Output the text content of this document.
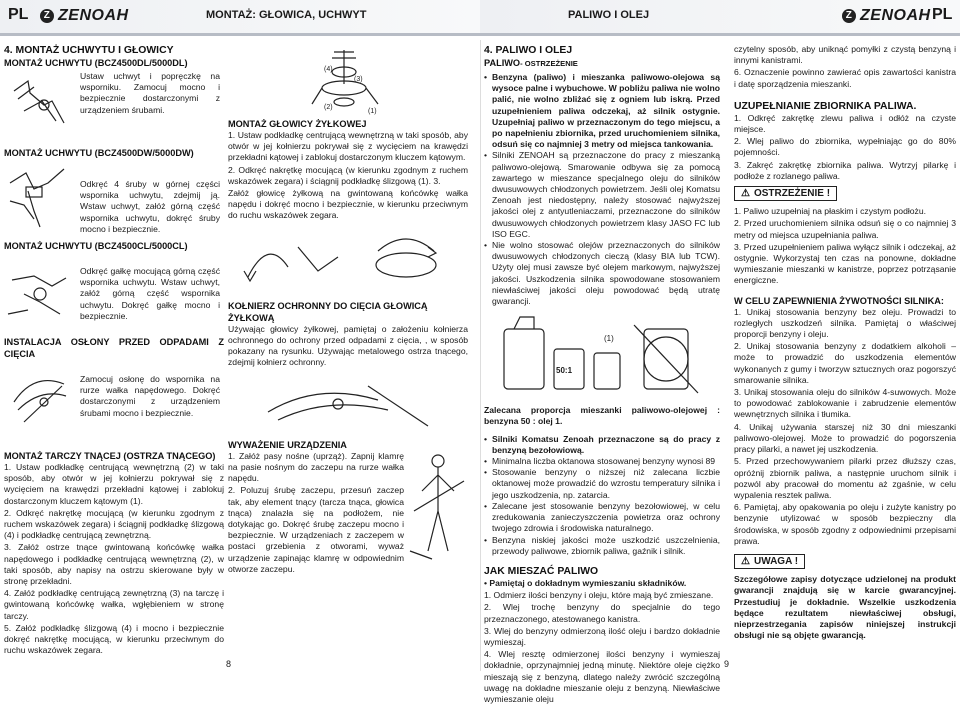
PL	Z ZENOAH	MONTAŻ: GŁOWICA, UCHWYT	PALIWO I OLEJ	Z ZENOAH PL
4. MONTAŻ UCHWYTU I GŁOWICY
MONTAŻ UCHWYTU (BCZ4500DL/5000DL)

Ustaw uchwyt i popręczkę na wsporniku. Zamocuj mocno i bezpiecznie dostarczonymi z urządzeniem śrubami.

MONTAŻ UCHWYTU (BCZ4500DW/5000DW)

Odkręć 4 śruby w górnej części wspornika uchwytu, zdejmij ją. Wstaw uchwyt, załóż górną część wspornika uchwytu, dokręć śruby mocno i bezpiecznie.

MONTAŻ UCHWYTU (BCZ4500CL/5000CL)

Odkręć gałkę mocującą górną część wspornika uchwytu. Wstaw uchwyt, załóż górną część wspornika uchwytu. Dokręć gałkę mocno i bezpiecznie.

INSTALACJA OSŁONY PRZED ODPADAMI Z CIĘCIA

Zamocuj osłonę do wspornika na rurze wałka napędowego. Dokręć dostarczonymi z urządzeniem śrubami mocno i bezpiecznie.

MONTAŻ TARCZY TNĄCEJ (OSTRZA TNĄCEGO)

1. Ustaw podkładkę centrującą wewnętrzną (2) w taki sposób, aby otwór w jej kołnierzu pokrywał się z wycięciem na krawędzi przekładni kątowej i zablokuj dostarczonym kluczem kątowym (1).

2. Odkręć nakrętkę mocującą (w kierunku zgodnym z ruchem wskazówek zegara) i ściągnij podkładkę ślizgową (4) i podkładkę centrującą zewnętrzną.

3. Załóż ostrze tnące gwintowaną końcówkę wałka napędowego i podkładkę centrującą wewnętrzną (2), w taki sposób, aby napisy na ostrzu skierowane były w stronę przekładni.

4. Załóż podkładkę centrującą zewnętrzną (3) na tarczę i gwintowaną końcówkę wałka, wgłębieniem w stronę tarczy.

5. Załóż podkładkę ślizgową (4) i mocno i bezpiecznie dokręć nakrętkę mocującą, w kierunku przeciwnym do ruchu wskazówek zegara.

8
(4)
(3)
(2)
(1)
MONTAŻ GŁOWICY ŻYŁKOWEJ

1. Ustaw podkładkę centrującą wewnętrzną w taki sposób, aby otwór w jej kołnierzu pokrywał się z wycięciem na krawędzi przekładni kątowej i zablokuj dostarczonym kluczem kątowym.

2. Odkręć nakrętkę mocującą (w kierunku zgodnym z ruchem wskazówek zegara) i ściągnij podkładkę ślizgową (1). 3.

Załóż głowicę żyłkową na gwintowaną końcówkę wałka napędu i dokręć mocno i bezpiecznie, w kierunku przeciwnym do ruchu wskazówek zegara.

KOŁNIERZ OCHRONNY DO CIĘCIA GŁOWICĄ ŻYŁKOWĄ

Używając głowicy żyłkowej, pamiętaj o założeniu kołnierza ochronnego do ochrony przed odpadami z cięcia, , w sposób pokazany na rysunku. Używając metalowego ostrza tnącego, zdejmij kołnierz ochronny.

WYWAŻENIE URZĄDZENIA

1. Załóż pasy nośne (uprząż). Zapnij klamrę na pasie nośnym do zaczepu na rurze wałka napędu.

2. Poluzuj śrubę zaczepu, przesuń zaczep tak, aby element tnący (tarcza tnąca, głowica tnąca) znalazła się na podłożem, nie dotykając go. Dokręć śrubę zaczepu mocno i bezpiecznie. W urządzeniach z zaczepem w postaci grzebienia z otworami, wyważ urządzenie zapinając klamrę w odpowiednim otworze zaczepu.

4. PALIWO I OLEJ
PALIWO- OSTRZEŻENIE
• Benzyna (paliwo) i mieszanka paliwowo-olejowa są wysoce palne i wybuchowe. W pobliżu paliwa nie wolno palić, nie wolno zbliżać się z ogniem lub iskrą. Przed uzupełnieniem paliwa odczekaj, aż silnik ostygnie. Uzupełniaj paliwo w przeznaczonym do tego miejscu, a po napełnieniu zbiornika, przed uruchomieniem silnika, odsuń się co najmniej 3 metry od miejsca tankowania.
• Silniki ZENOAH są przeznaczone do pracy z mieszanką paliwowo-olejową. Smarowanie odbywa się za pomocą zawartego w mieszance specjalnego oleju do silników dwusuwowych chłodzonych powietrzem. Jeśli olej Komatsu Zenoah jest niedostępny, należy stosować najwyższej jakości olej z antyutleniaczami, przeznaczone do silników dwusuwowych chłodzonych powietrzem klasy JASO FC lub ISO EGC.
• Nie wolno stosować olejów przeznaczonych do silników dwusuwowych chłodzonych cieczą (klasy BIA lub TCW). Użyty olej musi zawsze być olejem markowym, najwyższej jakości. Uszkodzenia silnika spowodowane stosowaniem niewłaściwej jakości oleju powodować będą utratę gwarancji.
(1)
50:1

Zalecana proporcja mieszanki paliwowo-olejowej : benzyna 50 : olej 1.

• Silniki Komatsu Zenoah przeznaczone są do pracy z benzyną bezołowiową.
• Minimalna liczba oktanowa stosowanej benzyny wynosi 89
• Stosowanie benzyny o niższej niż zalecana liczbie oktanowej może prowadzić do wzrostu temperatury silnika i jego uszkodzenia, np. zatarcia.
• Zalecane jest stosowanie benzyny bezołowiowej, w celu zredukowania zanieczyszczenia powietrza oraz ochrony twojego zdrowia i środowiska naturalnego.
• Benzyna niskiej jakości może uszkodzić uszczelnienia, przewody paliwowe, zbiornik paliwa, gaźnik i silnik.
JAK MIESZAĆ PALIWO

• Pamiętaj o dokładnym wymieszaniu składników.

1. Odmierz ilości benzyny i oleju, które mają być zmieszane.

2. Wlej trochę benzyny do specjalnie do tego przeznaczonego, atestowanego kanistra.

3. Wlej do benzyny odmierzoną ilość oleju i bardzo dokładnie wymieszaj.

4. Wlej resztę odmierzonej ilości benzyny i wymieszaj dokładnie, oprzynajmniej jedną minutę. Niektóre oleje ciężko mieszają się z benzyną, dlatego należy zwrócić szczególną uwagę na dokładne mieszanie oleju z benzyną. Niewłaściwe wymieszanie oleju

czytelny sposób, aby uniknąć pomyłki z czystą benzyną i innymi kanistrami.

6. Oznaczenie powinno zawierać opis zawartości kanistra i datę sporządzenia mieszanki.

UZUPEŁNIANIE ZBIORNIKA PALIWA.

1. Odkręć zakrętkę zlewu paliwa i odłóż na czyste miejsce.

2. Wlej paliwo do zbiornika, wypełniając go do 80% pojemności.

3. Zakręć zakrętkę zbiornika paliwa. Wytrzyj pilarkę i podłoże z rozlanego paliwa.

⚠ OSTRZEŻENIE !

1. Paliwo uzupełniaj na płaskim i czystym podłożu.

2. Przed uruchomieniem silnika odsuń się o co najmniej 3 metry od miejsca uzupełniania paliwa.

3. Przed uzupełnieniem paliwa wyłącz silnik i odczekaj, aż ostygnie. Wykorzystaj ten czas na ponowne, dokładne wymieszanie mieszanki w kanistrze, poprzez potrząsanie energiczne.

W CELU ZAPEWNIENIA ŻYWOTNOŚCI SILNIKA:

1. Unikaj stosowania benzyny bez oleju. Prowadzi to rozległych uszkodzeń silnika. Pamiętaj o właściwej proporcji benzyny i oleju.

2. Unikaj stosowania benzyny z dodatkiem alkoholi – może to prowadzić do uszkodzenia elementów wykonanych z gumy i tworzyw sztucznych oraz pogorszyć smarowanie silnika.

3. Unikaj stosowania oleju do silników 4-suwowych. Może to powodować zablokowanie i zabrudzenie elementów wewnętrznych silnika i tłumika.

4. Unikaj używania starszej niż 30 dni mieszanki paliwowo-olejowej. Może to prowadzić do pogorszenia pracy pilarki, a nawet jej uszkodzenia.

5. Przed przechowywaniem pilarki przez dłuższy czas, opróżnij zbiornik paliwa, a następnie uruchom silnik i pozwól aby pracował do momentu aż zgaśnie, w celu wypalenia resztek paliwa.

6. Pamiętaj, aby opakowania po oleju i zużyte kanistry po benzynie utylizować w sposób bezpieczny dla środowiska, w sposób zgodny z odpowiednimi przepisami prawa.

⚠ UWAGA !

Szczegółowe zapisy dotyczące udzielonej na produkt gwarancji znajdują się w karcie gwarancyjnej. Przestudiuj je dokładnie. Wszelkie uszkodzenia będące rezultatem niewłaściwej obsługi, nieprzestrzegania zapisów niniejszej instrukcji obsługi nie są objęte gwarancją.

9
